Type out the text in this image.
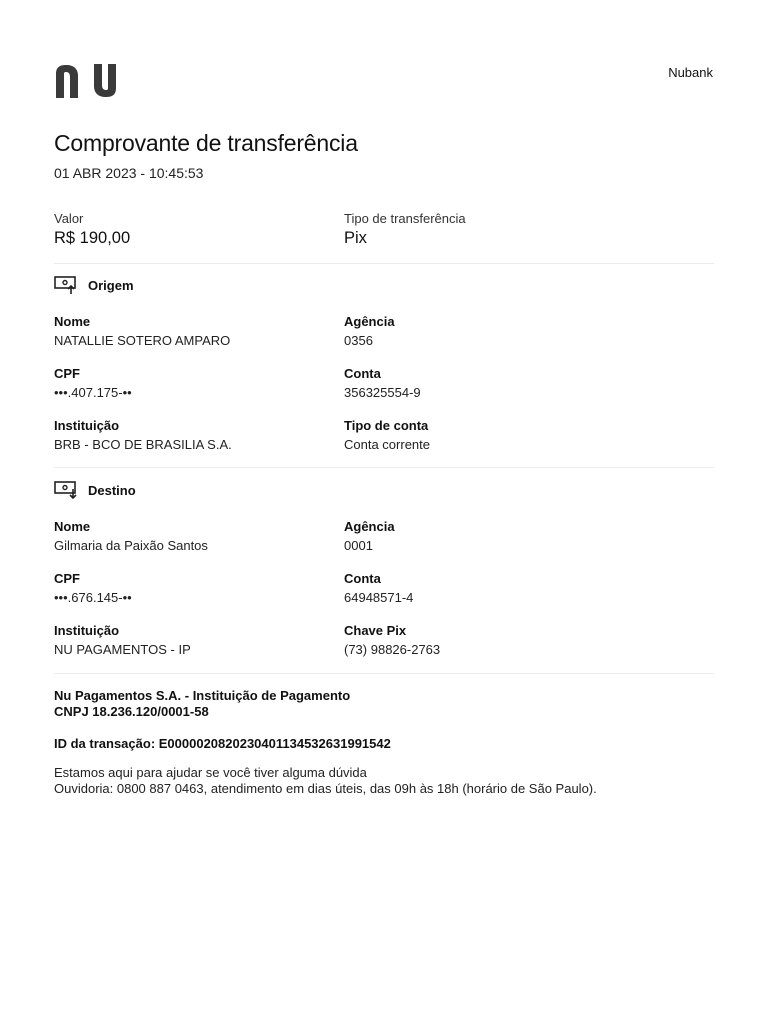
Nubank
Comprovante de transferência
01 ABR 2023 - 10:45:53
Valor
R$ 190,00
Tipo de transferência
Pix
Origem
Nome
NATALLIE SOTERO AMPARO
Agência
0356
CPF
•••.407.175-••
Conta
356325554-9
Instituição
BRB - BCO DE BRASILIA S.A.
Tipo de conta
Conta corrente
Destino
Nome
Gilmaria da Paixão Santos
Agência
0001
CPF
•••.676.145-••
Conta
64948571-4
Instituição
NU PAGAMENTOS - IP
Chave Pix
(73) 98826-2763
Nu Pagamentos S.A. - Instituição de Pagamento
CNPJ 18.236.120/0001-58
ID da transação: E0000020820230401134532631991542
Estamos aqui para ajudar se você tiver alguma dúvida
Ouvidoria: 0800 887 0463, atendimento em dias úteis, das 09h às 18h (horário de São Paulo).
